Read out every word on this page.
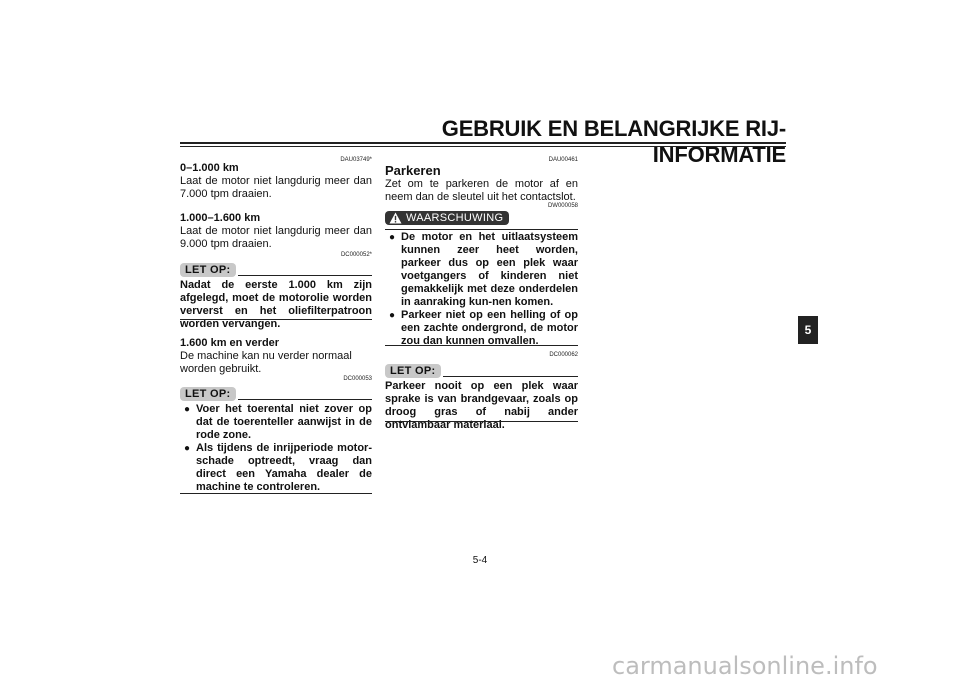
GEBRUIK EN BELANGRIJKE RIJ-INFORMATIE
DAU03749*
0–1.000 km
Laat de motor niet langdurig meer dan 7.000 tpm draaien.
1.000–1.600 km
Laat de motor niet langdurig meer dan 9.000 tpm draaien.
DC000052*
LET OP:
Nadat de eerste 1.000 km zijn afgelegd, moet de motorolie worden ververst en het oliefilterpatroon worden vervangen.
1.600 km en verder
De machine kan nu verder normaal worden gebruikt.
DC000053
LET OP:
● Voer het toerental niet zover op dat de toerenteller aanwijst in de rode zone.
● Als tijdens de inrijperiode motor-schade optreedt, vraag dan direct een Yamaha dealer de machine te controleren.
DAU00461
Parkeren
Zet om te parkeren de motor af en neem dan de sleutel uit het contactslot.
DW000058
WAARSCHUWING
● De motor en het uitlaatsysteem kunnen zeer heet worden, parkeer dus op een plek waar voetgangers of kinderen niet gemakkelijk met deze onderdelen in aanraking kun-nen komen.
● Parkeer niet op een helling of op een zachte ondergrond, de motor zou dan kunnen omvallen.
DC000062
LET OP:
Parkeer nooit op een plek waar sprake is van brandgevaar, zoals op droog gras of nabij ander ontvlambaar materiaal.
5
5-4
carmanualsonline.info
